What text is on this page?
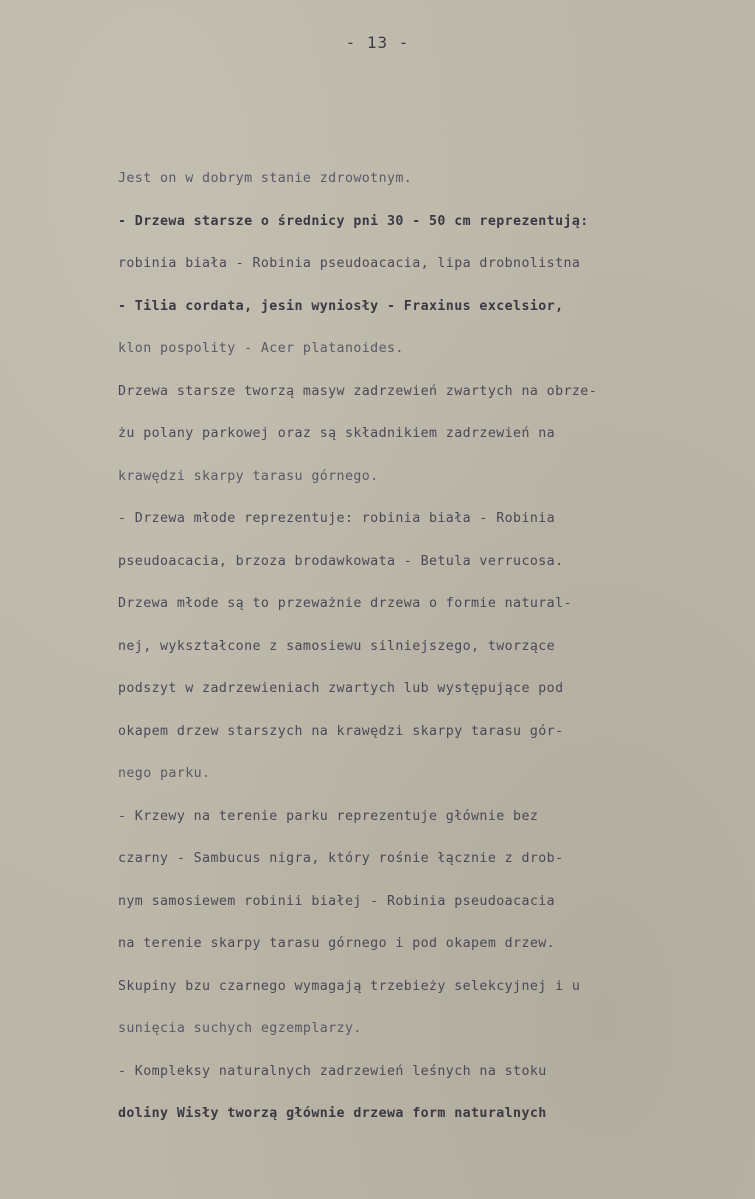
- 13 -
Jest on w dobrym stanie zdrowotnym.
- Drzewa starsze o średnicy pni 30 - 50 cm reprezentują:
robinia biała - Robinia pseudoacacia, lipa drobnolistna
- Tilia cordata, jesin wyniosły - Fraxinus excelsior,
klon pospolity - Acer platanoides.
Drzewa starsze tworzą masyw zadrzewień zwartych na obrze-
żu polany parkowej oraz są składnikiem zadrzewień na
krawędzi skarpy tarasu górnego.
- Drzewa młode reprezentuje: robinia biała - Robinia
pseudoacacia, brzoza brodawkowata - Betula verrucosa.
Drzewa młode są to przeważnie drzewa o formie natural-
nej, wykształcone z samosiewu silniejszego, tworzące
podszyt w zadrzewieniach zwartych lub występujące pod
okapem drzew starszych na krawędzi skarpy tarasu gór-
nego parku.
- Krzewy na terenie parku reprezentuje głównie bez
czarny - Sambucus nigra, który rośnie łącznie z drob-
nym samosiewem robinii białej - Robinia pseudoacacia
na terenie skarpy tarasu górnego i pod okapem drzew.
Skupiny bzu czarnego wymagają trzebieży selekcyjnej i u
sunięcia suchych egzemplarzy.
- Kompleksy naturalnych zadrzewień leśnych na stoku
doliny Wisły tworzą głównie drzewa form naturalnych
